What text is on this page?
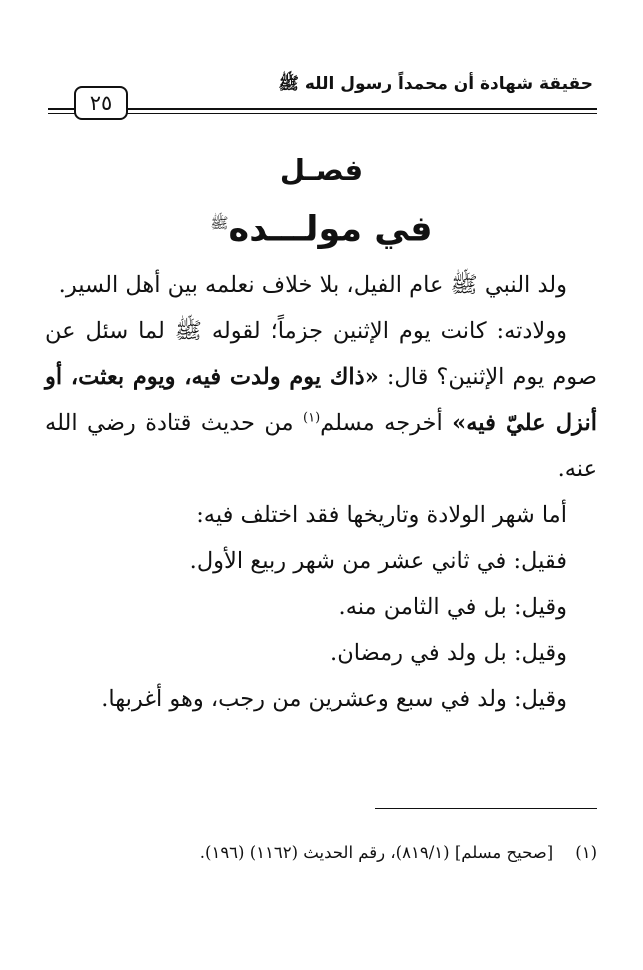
حقيقة شهادة أن محمداً رسول الله ﷺ
٢٥
فصـل
في مولـــده$^ﷺ$

ولد النبي ﷺ عام الفيل، بلا خلاف نعلمه بين أهل السير.

وولادته: كانت يوم الإثنين جزماً؛ لقوله ﷺ لما سئل عن صوم يوم الإثنين؟ قال: «ذاك يوم ولدت فيه، ويوم بعثت، أو أنزل عليّ فيه» أخرجه مسلم$^{(١)}$ من حديث قتادة رضي الله عنه.

أما شهر الولادة وتاريخها فقد اختلف فيه:

فقيل: في ثاني عشر من شهر ربيع الأول.

وقيل: بل في الثامن منه.

وقيل: بل ولد في رمضان.

وقيل: ولد في سبع وعشرين من رجب، وهو أغربها.

(١)[صحيح مسلم] (٨١٩/١)، رقم الحديث (١١٦٢) (١٩٦).
